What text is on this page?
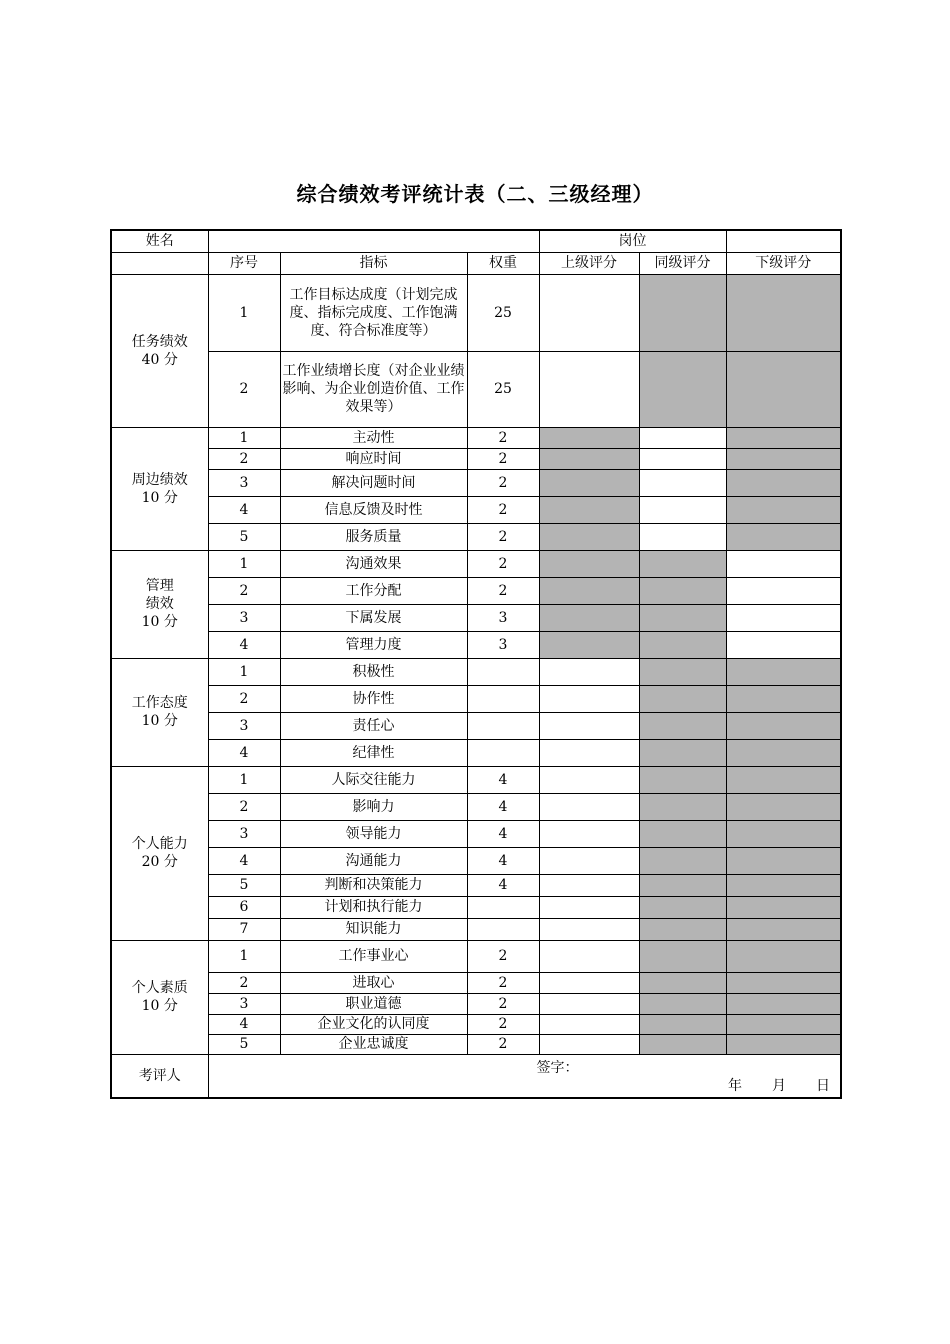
综合绩效考评统计表（二、三级经理）
姓名				岗位		
	序号	指标	权重	上级评分	同级评分	下级评分
任务绩效
40 分	1	工作目标达成度（计划完成度、指标完成度、工作饱满度、符合标准度等）	25			
	2	工作业绩增长度（对企业业绩影响、为企业创造价值、工作效果等）	25			
周边绩效
10 分	1	主动性	2			
	2	响应时间	2			
	3	解决问题时间	2			
	4	信息反馈及时性	2			
	5	服务质量	2			
管理
绩效
10 分	1	沟通效果	2			
	2	工作分配	2			
	3	下属发展	3			
	4	管理力度	3			
工作态度
10 分	1	积极性				
	2	协作性				
	3	责任心				
	4	纪律性				
个人能力
20 分	1	人际交往能力	4			
	2	影响力	4			
	3	领导能力	4			
	4	沟通能力	4			
	5	判断和决策能力	4			
	6	计划和执行能力				
	7	知识能力				
个人素质
10 分	1	工作事业心	2			
	2	进取心	2			
	3	职业道德	2			
	4	企业文化的认同度	2			
	5	企业忠诚度	2			
考评人	签字：
年 月 日					
